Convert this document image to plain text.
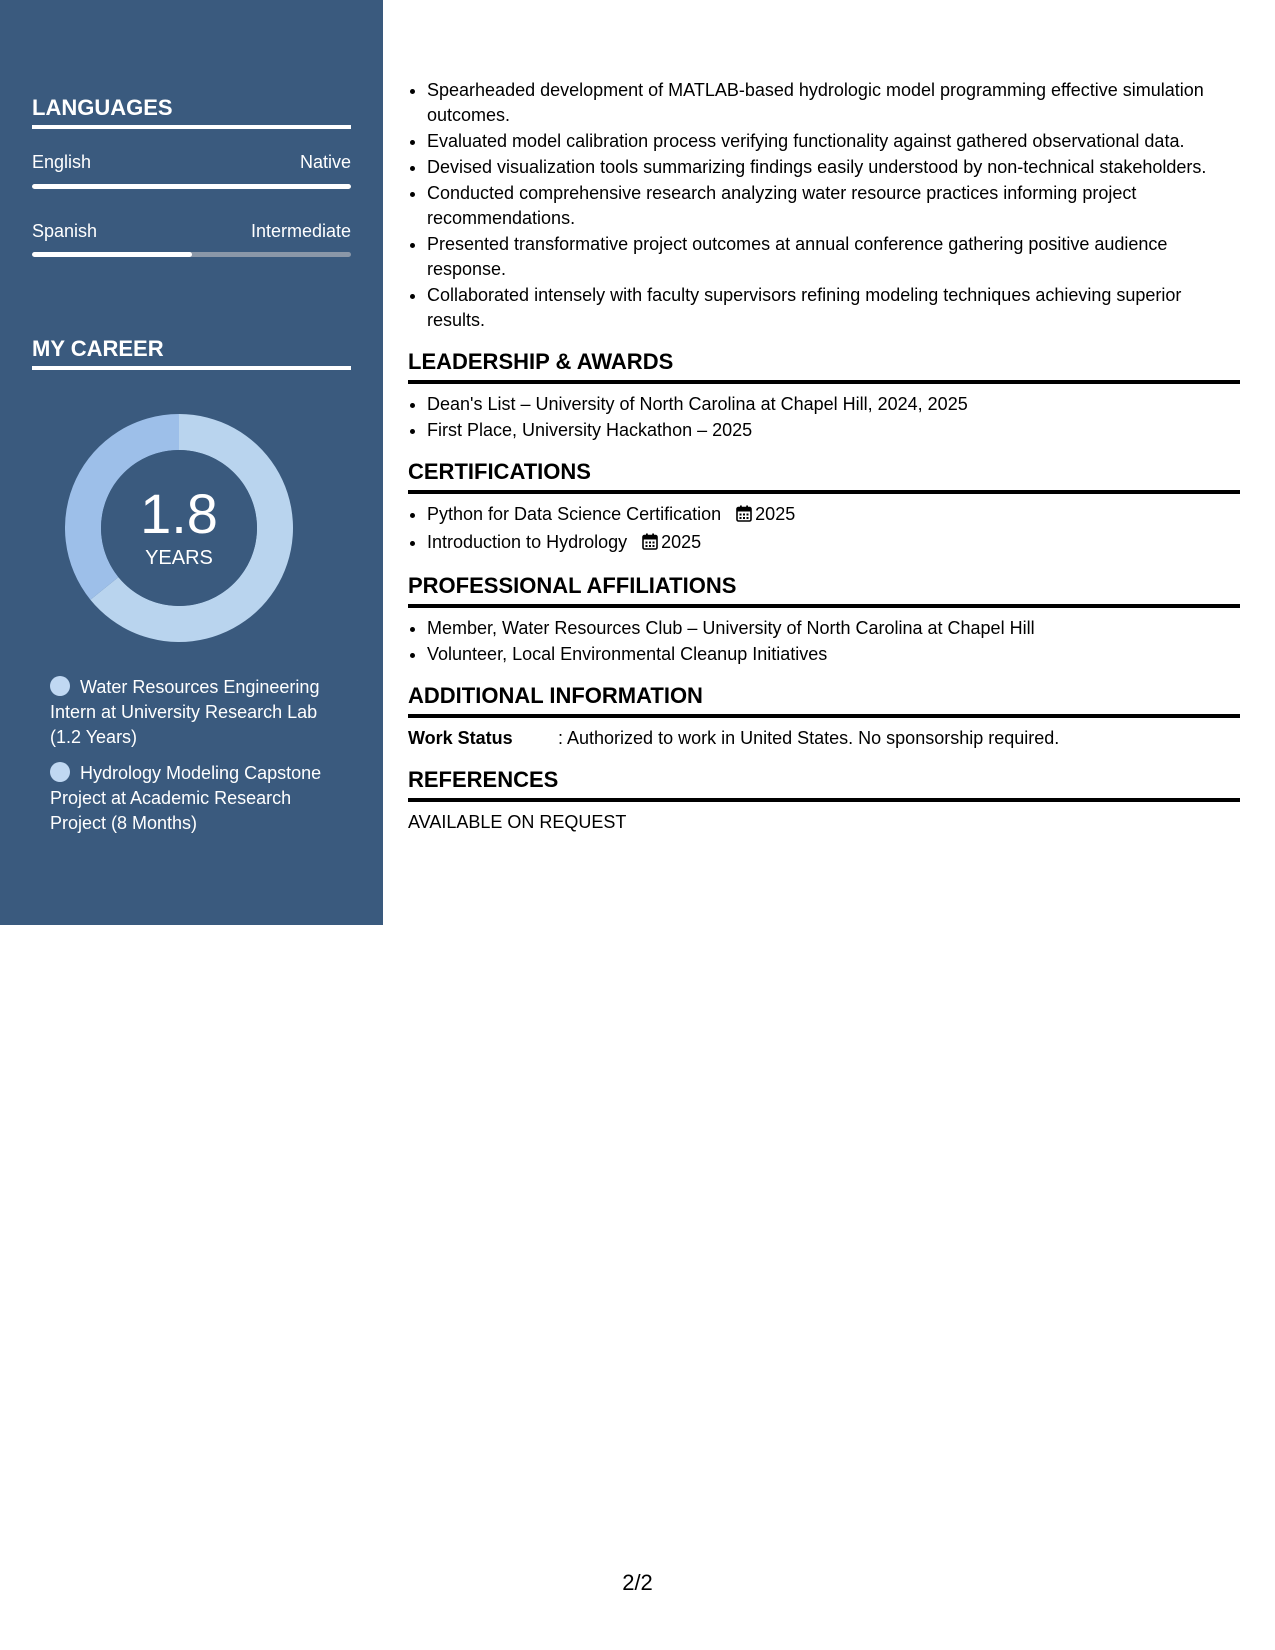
LANGUAGES
English	Native
Spanish	Intermediate
MY CAREER
1.8
YEARS
Water Resources Engineering Intern at University Research Lab (1.2 Years)
Hydrology Modeling Capstone Project at Academic Research Project (8 Months)
• Spearheaded development of MATLAB-based hydrologic model programming effective simulation outcomes.
• Evaluated model calibration process verifying functionality against gathered observational data.
• Devised visualization tools summarizing findings easily understood by non-technical stakeholders.
• Conducted comprehensive research analyzing water resource practices informing project recommendations.
• Presented transformative project outcomes at annual conference gathering positive audience response.
• Collaborated intensely with faculty supervisors refining modeling techniques achieving superior results.
LEADERSHIP & AWARDS
• Dean's List – University of North Carolina at Chapel Hill, 2024, 2025
• First Place, University Hackathon – 2025
CERTIFICATIONS
• Python for Data Science Certification 2025
• Introduction to Hydrology 2025
PROFESSIONAL AFFILIATIONS
• Member, Water Resources Club – University of North Carolina at Chapel Hill
• Volunteer, Local Environmental Cleanup Initiatives
ADDITIONAL INFORMATION
Work Status	: Authorized to work in United States. No sponsorship required.
REFERENCES
AVAILABLE ON REQUEST
2/2
